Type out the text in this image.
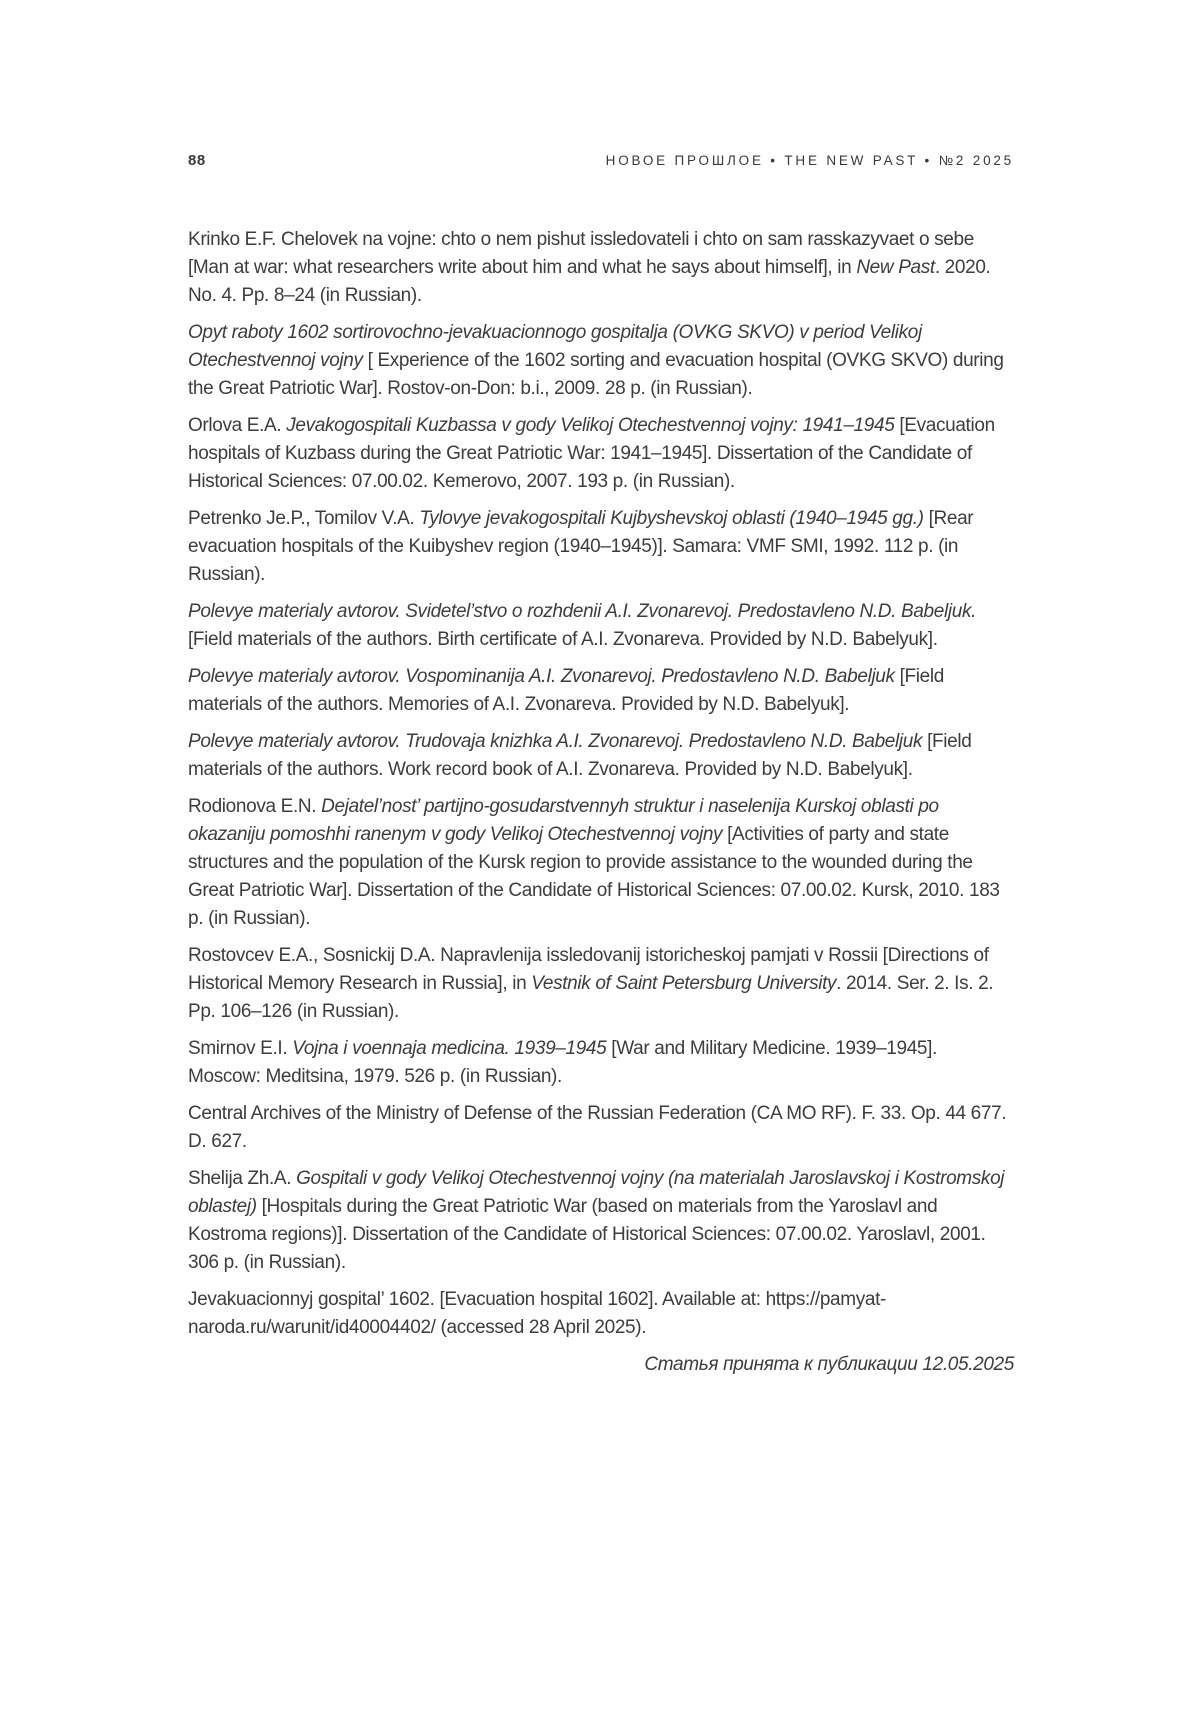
88	НОВОЕ ПРОШЛОЕ • THE NEW PAST • №2 2025

Krinko E.F. Chelovek na vojne: chto o nem pishut issledovateli i chto on sam rasskazyvaet o sebe [Man at war: what researchers write about him and what he says about himself], in New Past. 2020. No. 4. Pp. 8–24 (in Russian).

Opyt raboty 1602 sortirovochno-jevakuacionnogo gospitalja (OVKG SKVO) v period Velikoj Otechestvennoj vojny [ Experience of the 1602 sorting and evacuation hospital (OVKG SKVO) during the Great Patriotic War]. Rostov-on-Don: b.i., 2009. 28 p. (in Russian).

Orlova E.A. Jevakogospitali Kuzbassa v gody Velikoj Otechestvennoj vojny: 1941–1945 [Evacuation hospitals of Kuzbass during the Great Patriotic War: 1941–1945]. Dissertation of the Candidate of Historical Sciences: 07.00.02. Kemerovo, 2007. 193 p. (in Russian).

Petrenko Je.P., Tomilov V.A. Tylovye jevakogospitali Kujbyshevskoj oblasti (1940–1945 gg.) [Rear evacuation hospitals of the Kuibyshev region (1940–1945)]. Samara: VMF SMI, 1992. 112 p. (in Russian).

Polevye materialy avtorov. Svidetel’stvo o rozhdenii A.I. Zvonarevoj. Predostavleno N.D. Babeljuk. [Field materials of the authors. Birth certificate of A.I. Zvonareva. Provided by N.D. Babelyuk].

Polevye materialy avtorov. Vospominanija A.I. Zvonarevoj. Predostavleno N.D. Babeljuk [Field materials of the authors. Memories of A.I. Zvonareva. Provided by N.D. Babelyuk].

Polevye materialy avtorov. Trudovaja knizhka A.I. Zvonarevoj. Predostavleno N.D. Babeljuk [Field materials of the authors. Work record book of A.I. Zvonareva. Provided by N.D. Babelyuk].

Rodionova E.N. Dejatel’nost’ partijno-gosudarstvennyh struktur i naselenija Kurskoj oblasti po okazaniju pomoshhi ranenym v gody Velikoj Otechestvennoj vojny [Activities of party and state structures and the population of the Kursk region to provide assistance to the wounded during the Great Patriotic War]. Dissertation of the Candidate of Historical Sciences: 07.00.02. Kursk, 2010. 183 p. (in Russian).

Rostovcev E.A., Sosnickij D.A. Napravlenija issledovanij istoricheskoj pamjati v Rossii [Directions of Historical Memory Research in Russia], in Vestnik of Saint Petersburg University. 2014. Ser. 2. Is. 2. Pp. 106–126 (in Russian).

Smirnov E.I. Vojna i voennaja medicina. 1939–1945 [War and Military Medicine. 1939–1945]. Moscow: Meditsina, 1979. 526 p. (in Russian).

Central Archives of the Ministry of Defense of the Russian Federation (CA MO RF). F. 33. Op. 44 677. D. 627.

Shelija Zh.A. Gospitali v gody Velikoj Otechestvennoj vojny (na materialah Jaroslavskoj i Kostromskoj oblastej) [Hospitals during the Great Patriotic War (based on materials from the Yaroslavl and Kostroma regions)]. Dissertation of the Candidate of Historical Sciences: 07.00.02. Yaroslavl, 2001. 306 p. (in Russian).

Jevakuacionnyj gospital’ 1602. [Evacuation hospital 1602]. Available at: https://pamyat-naroda.ru/warunit/id40004402/ (accessed 28 April 2025).

Статья принята к публикации 12.05.2025
